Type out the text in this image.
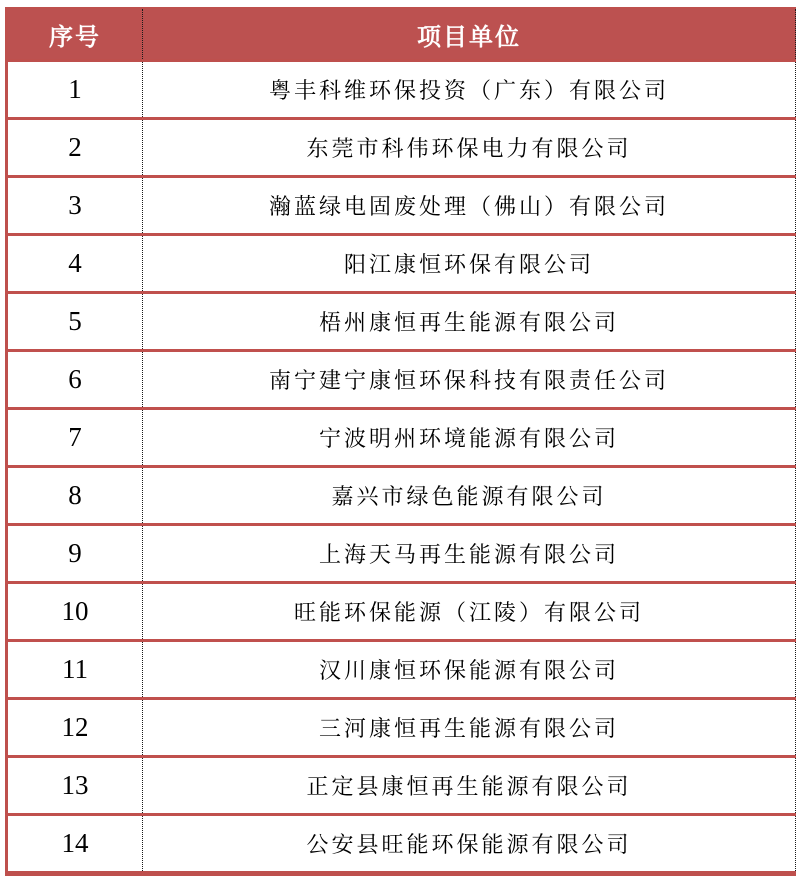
序号	项目单位
1	粤丰科维环保投资（广东）有限公司
2	东莞市科伟环保电力有限公司
3	瀚蓝绿电固废处理（佛山）有限公司
4	阳江康恒环保有限公司
5	梧州康恒再生能源有限公司
6	南宁建宁康恒环保科技有限责任公司
7	宁波明州环境能源有限公司
8	嘉兴市绿色能源有限公司
9	上海天马再生能源有限公司
10	旺能环保能源（江陵）有限公司
11	汉川康恒环保能源有限公司
12	三河康恒再生能源有限公司
13	正定县康恒再生能源有限公司
14	公安县旺能环保能源有限公司
